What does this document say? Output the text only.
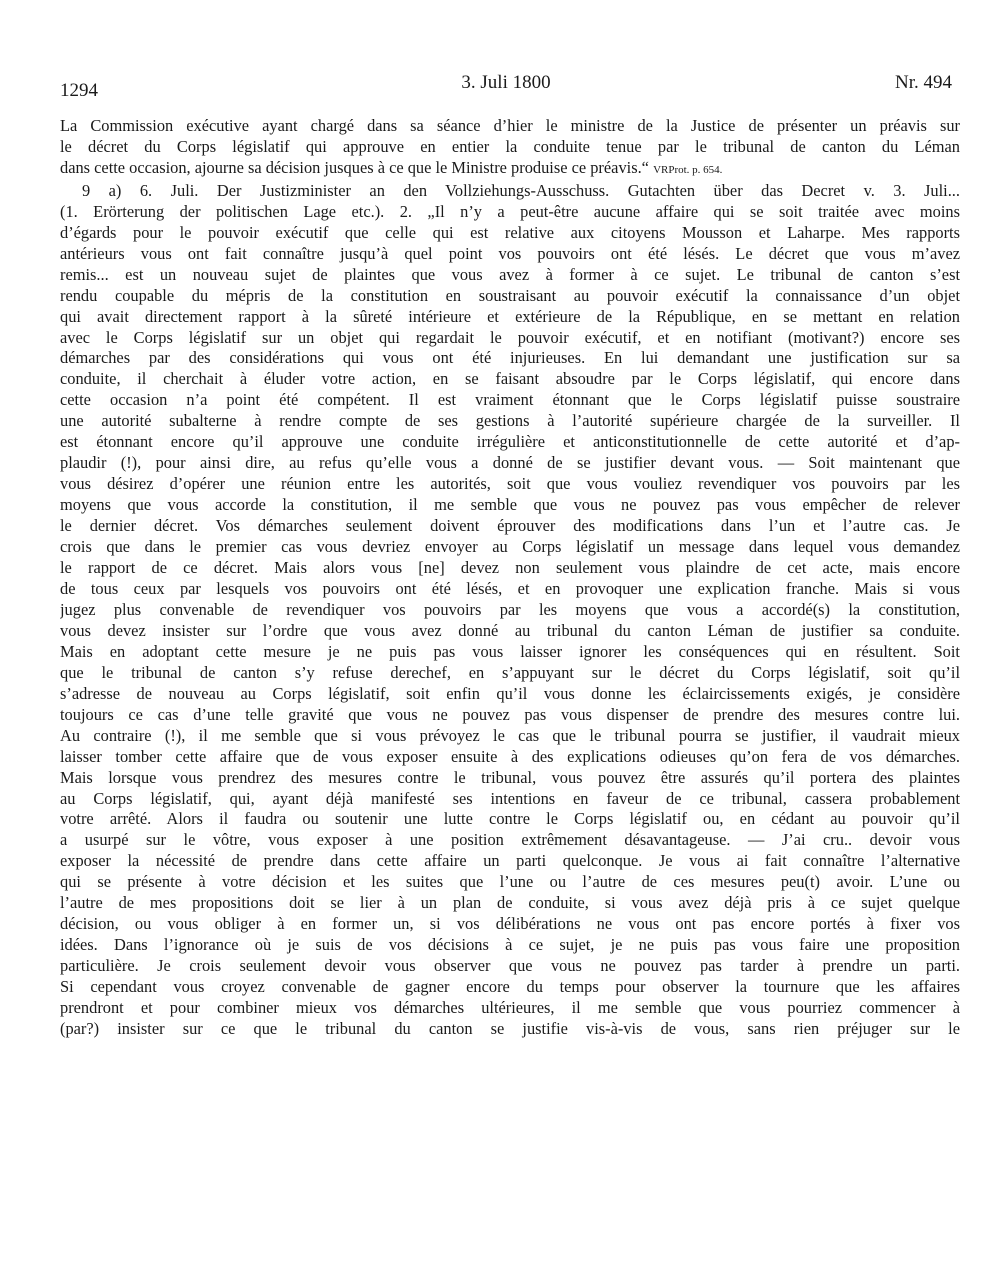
1294	3. Juli 1800	Nr. 494
La Commission exécutive ayant chargé dans sa séance d’hier le ministre de la Justice de présenter un préavis sur
le décret du Corps législatif qui approuve en entier la conduite tenue par le tribunal de canton du Léman
dans cette occasion, ajourne sa décision jusques à ce que le Ministre produise ce préavis.“ VRProt. p. 654.
9 a) 6. Juli. Der Justizminister an den Vollziehungs-Ausschuss. Gutachten über das Decret v. 3. Juli...
(1. Erörterung der politischen Lage etc.). 2. „Il n’y a peut-être aucune affaire qui se soit traitée avec moins
d’égards pour le pouvoir exécutif que celle qui est relative aux citoyens Mousson et Laharpe. Mes rapports
antérieurs vous ont fait connaître jusqu’à quel point vos pouvoirs ont été lésés. Le décret que vous m’avez
remis... est un nouveau sujet de plaintes que vous avez à former à ce sujet. Le tribunal de canton s’est
rendu coupable du mépris de la constitution en soustraisant au pouvoir exécutif la connaissance d’un objet
qui avait directement rapport à la sûreté intérieure et extérieure de la République, en se mettant en relation
avec le Corps législatif sur un objet qui regardait le pouvoir exécutif, et en notifiant (motivant?) encore ses
démarches par des considérations qui vous ont été injurieuses. En lui demandant une justification sur sa
conduite, il cherchait à éluder votre action, en se faisant absoudre par le Corps législatif, qui encore dans
cette occasion n’a point été compétent. Il est vraiment étonnant que le Corps législatif puisse soustraire
une autorité subalterne à rendre compte de ses gestions à l’autorité supérieure chargée de la surveiller. Il
est étonnant encore qu’il approuve une conduite irrégulière et anticonstitutionnelle de cette autorité et d’ap-
plaudir (!), pour ainsi dire, au refus qu’elle vous a donné de se justifier devant vous. — Soit maintenant que
vous désirez d’opérer une réunion entre les autorités, soit que vous vouliez revendiquer vos pouvoirs par les
moyens que vous accorde la constitution, il me semble que vous ne pouvez pas vous empêcher de relever
le dernier décret. Vos démarches seulement doivent éprouver des modifications dans l’un et l’autre cas. Je
crois que dans le premier cas vous devriez envoyer au Corps législatif un message dans lequel vous demandez
le rapport de ce décret. Mais alors vous [ne] devez non seulement vous plaindre de cet acte, mais encore
de tous ceux par lesquels vos pouvoirs ont été lésés, et en provoquer une explication franche. Mais si vous
jugez plus convenable de revendiquer vos pouvoirs par les moyens que vous a accordé(s) la constitution,
vous devez insister sur l’ordre que vous avez donné au tribunal du canton Léman de justifier sa conduite.
Mais en adoptant cette mesure je ne puis pas vous laisser ignorer les conséquences qui en résultent. Soit
que le tribunal de canton s’y refuse derechef, en s’appuyant sur le décret du Corps législatif, soit qu’il
s’adresse de nouveau au Corps législatif, soit enfin qu’il vous donne les éclaircissements exigés, je considère
toujours ce cas d’une telle gravité que vous ne pouvez pas vous dispenser de prendre des mesures contre lui.
Au contraire (!), il me semble que si vous prévoyez le cas que le tribunal pourra se justifier, il vaudrait mieux
laisser tomber cette affaire que de vous exposer ensuite à des explications odieuses qu’on fera de vos démarches.
Mais lorsque vous prendrez des mesures contre le tribunal, vous pouvez être assurés qu’il portera des plaintes
au Corps législatif, qui, ayant déjà manifesté ses intentions en faveur de ce tribunal, cassera probablement
votre arrêté. Alors il faudra ou soutenir une lutte contre le Corps législatif ou, en cédant au pouvoir qu’il
a usurpé sur le vôtre, vous exposer à une position extrêmement désavantageuse. — J’ai cru.. devoir vous
exposer la nécessité de prendre dans cette affaire un parti quelconque. Je vous ai fait connaître l’alternative
qui se présente à votre décision et les suites que l’une ou l’autre de ces mesures peu(t) avoir. L’une ou
l’autre de mes propositions doit se lier à un plan de conduite, si vous avez déjà pris à ce sujet quelque
décision, ou vous obliger à en former un, si vos délibérations ne vous ont pas encore portés à fixer vos
idées. Dans l’ignorance où je suis de vos décisions à ce sujet, je ne puis pas vous faire une proposition
particulière. Je crois seulement devoir vous observer que vous ne pouvez pas tarder à prendre un parti.
Si cependant vous croyez convenable de gagner encore du temps pour observer la tournure que les affaires
prendront et pour combiner mieux vos démarches ultérieures, il me semble que vous pourriez commencer à
(par?) insister sur ce que le tribunal du canton se justifie vis-à-vis de vous, sans rien préjuger sur le
